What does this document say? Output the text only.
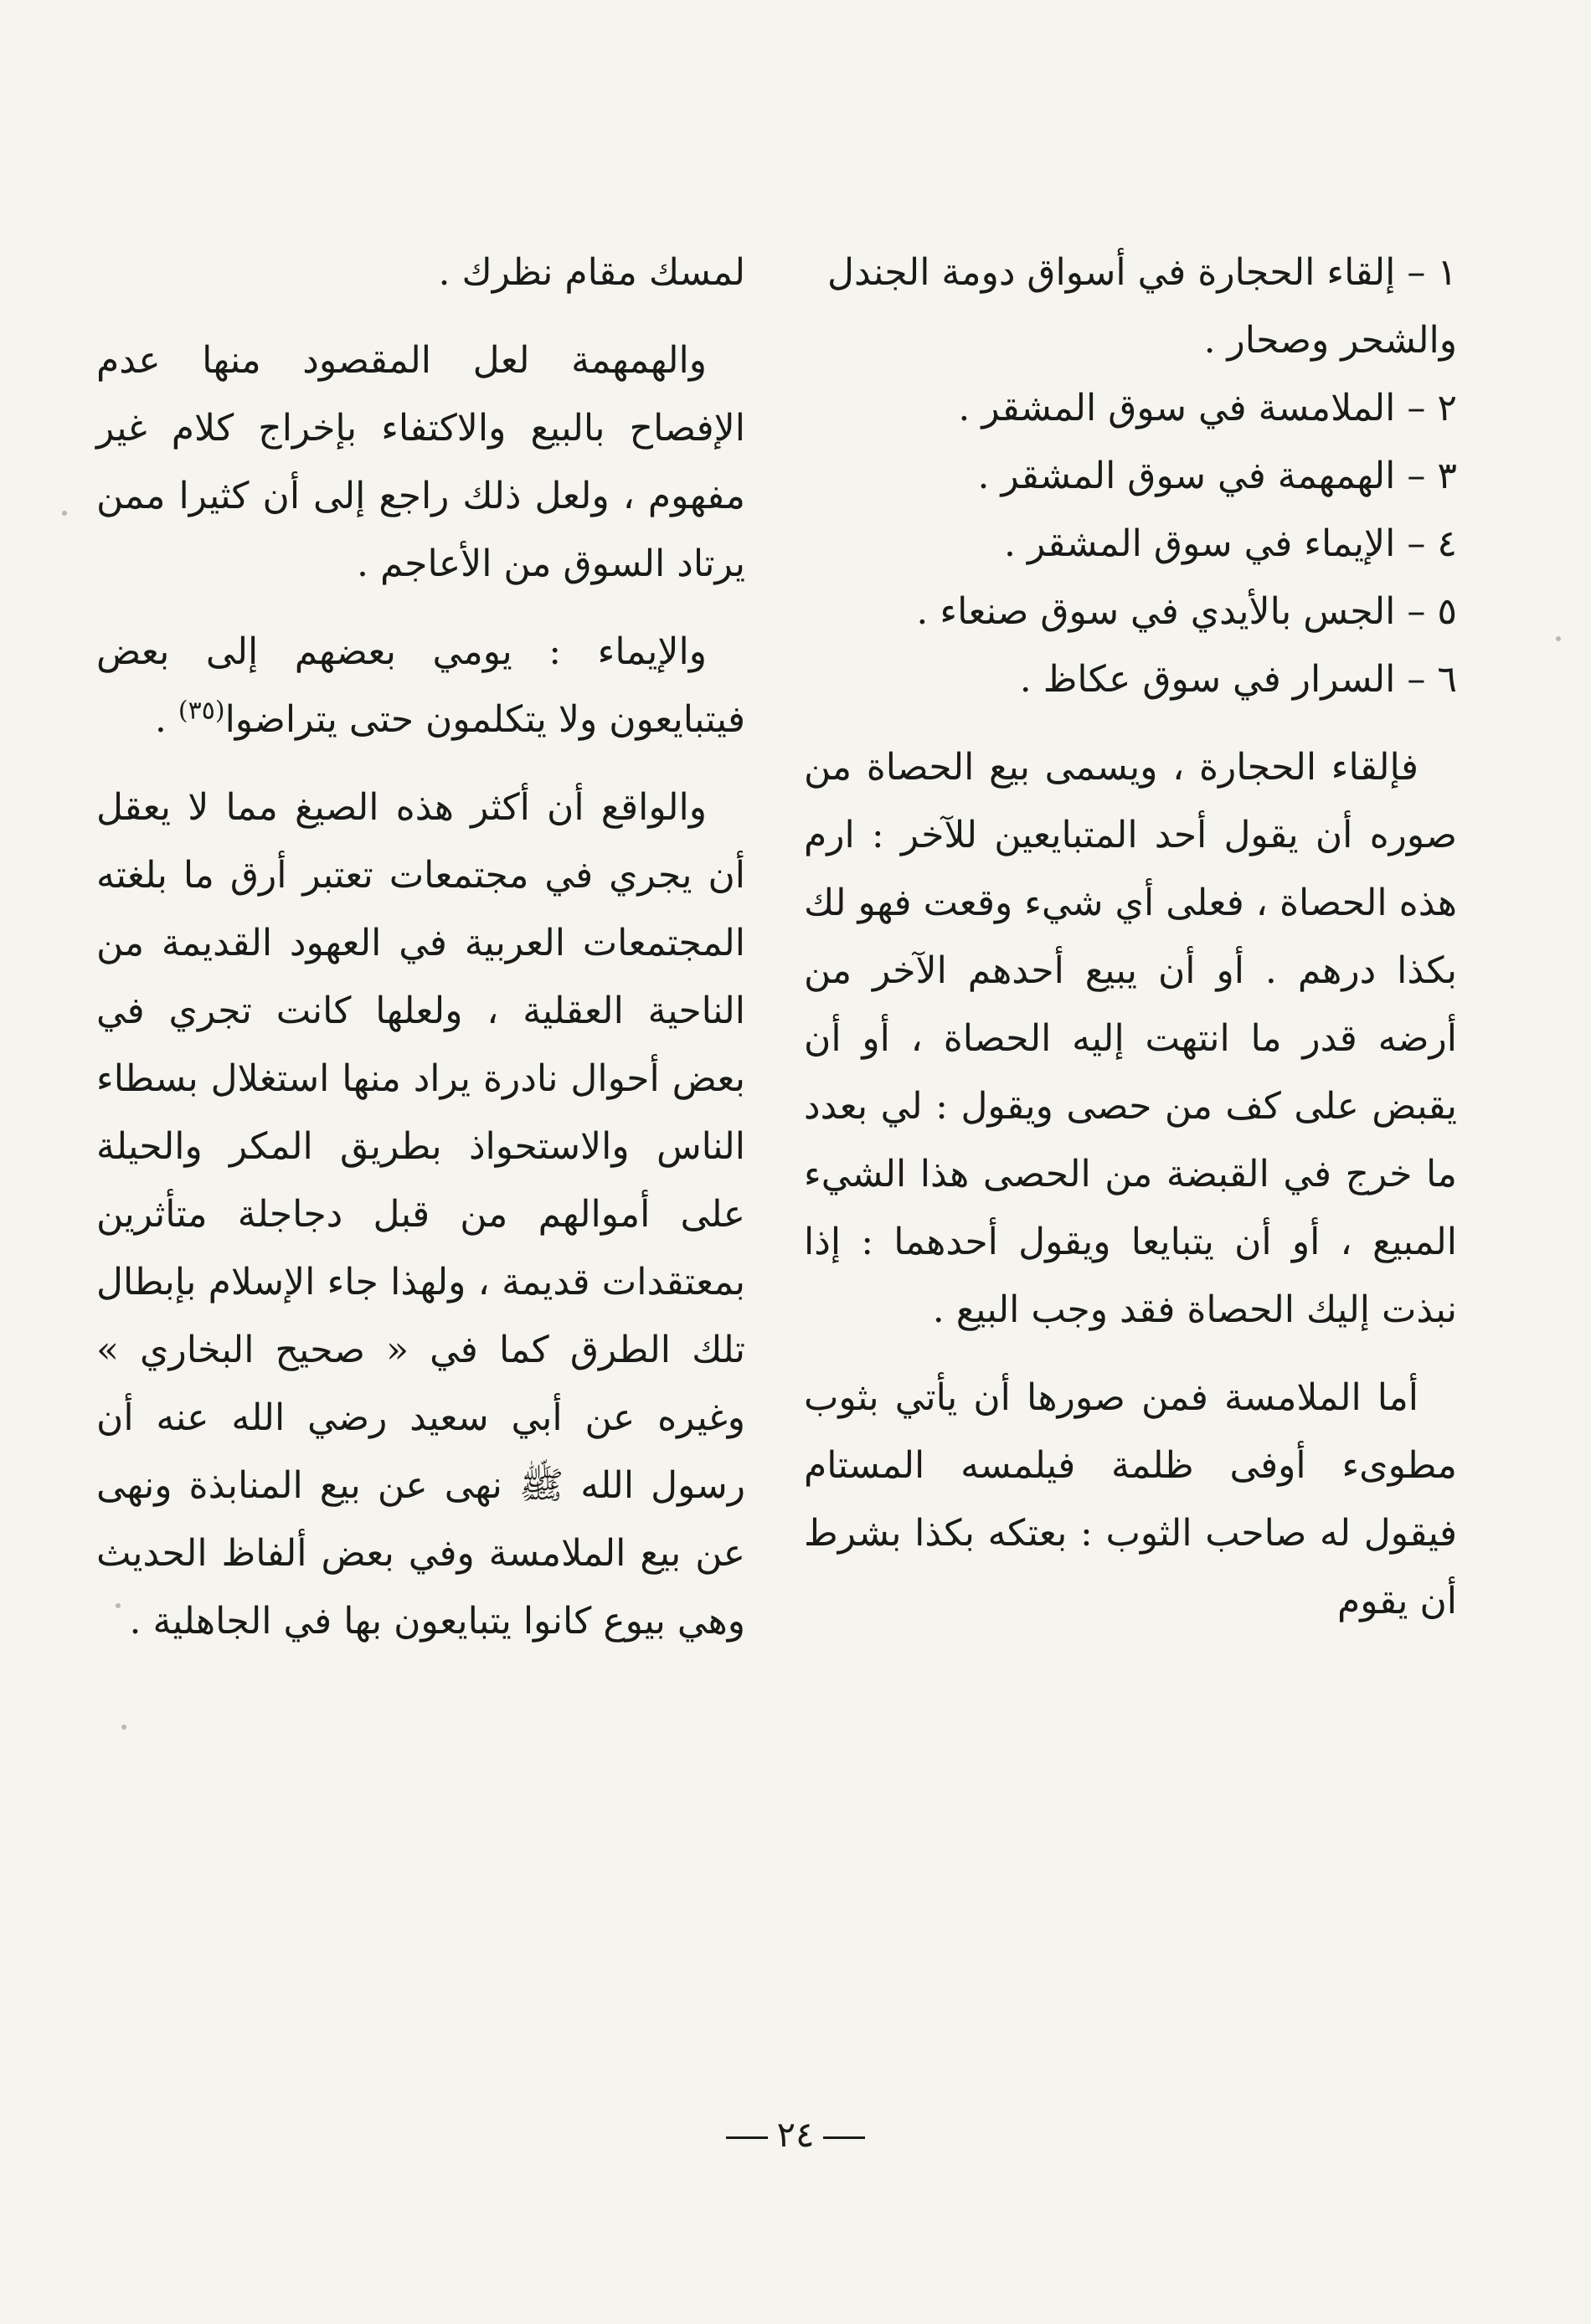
١ – إلقاء الحجارة في أسواق دومة الجندل
والشحر وصحار .
٢ – الملامسة في سوق المشقر .
٣ – الهمهمة في سوق المشقر .
٤ – الإيماء في سوق المشقر .
٥ – الجس بالأيدي في سوق صنعاء .
٦ – السرار في سوق عكاظ .

فإلقاء الحجارة ، ويسمى بيع الحصاة من صوره أن يقول أحد المتبايعين للآخر : ارم هذه الحصاة ، فعلى أي شيء وقعت فهو لك بكذا درهم . أو أن يبيع أحدهم الآخر من أرضه قدر ما انتهت إليه الحصاة ، أو أن يقبض على كف من حصى ويقول : لي بعدد ما خرج في القبضة من الحصى هذا الشيء المبيع ، أو أن يتبايعا ويقول أحدهما : إذا نبذت إليك الحصاة فقد وجب البيع .

أما الملامسة فمن صورها أن يأتي بثوب مطوىء أوفى ظلمة فيلمسه المستام فيقول له صاحب الثوب : بعتكه بكذا بشرط أن يقوم

لمسك مقام نظرك .

والهمهمة لعل المقصود منها عدم الإفصاح بالبيع والاكتفاء بإخراج كلام غير مفهوم ، ولعل ذلك راجع إلى أن كثيرا ممن يرتاد السوق من الأعاجم .

والإيماء : يومي بعضهم إلى بعض فيتبايعون ولا يتكلمون حتى يتراضوا$^{(٣٥)}$ .

والواقع أن أكثر هذه الصيغ مما لا يعقل أن يجري في مجتمعات تعتبر أرق ما بلغته المجتمعات العربية في العهود القديمة من الناحية العقلية ، ولعلها كانت تجري في بعض أحوال نادرة يراد منها استغلال بسطاء الناس والاستحواذ بطريق المكر والحيلة على أموالهم من قبل دجاجلة متأثرين بمعتقدات قديمة ، ولهذا جاء الإسلام بإبطال تلك الطرق كما في « صحيح البخاري » وغيره عن أبي سعيد رضي الله عنه أن رسول الله ﷺ نهى عن بيع المنابذة ونهى عن بيع الملامسة وفي بعض ألفاظ الحديث وهي بيوع كانوا يتبايعون بها في الجاهلية .

٢٤
